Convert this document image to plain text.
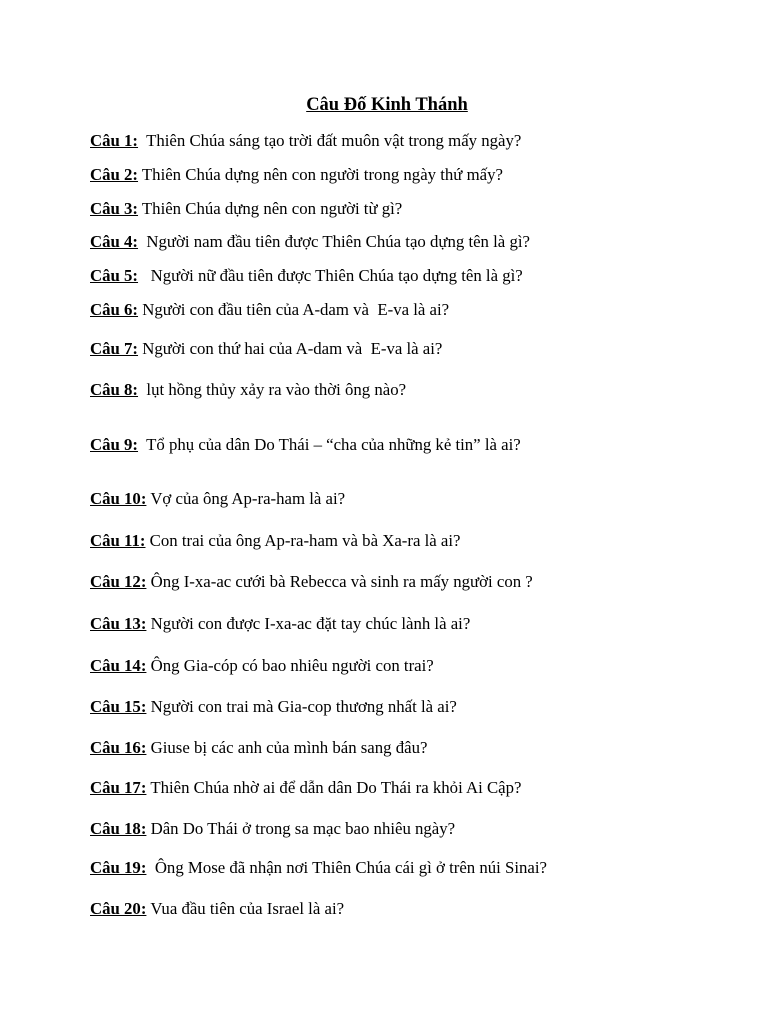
Câu Đố Kinh Thánh
Câu 1:  Thiên Chúa sáng tạo trời đất muôn vật trong mấy ngày?
Câu 2: Thiên Chúa dựng nên con người trong ngày thứ mấy?
Câu 3: Thiên Chúa dựng nên con người từ gì?
Câu 4:  Người nam đầu tiên được Thiên Chúa tạo dựng tên là gì?
Câu 5:   Người nữ đầu tiên được Thiên Chúa tạo dựng tên là gì?
Câu 6: Người con đầu tiên của A-dam và  E-va là ai?
Câu 7: Người con thứ hai của A-dam và  E-va là ai?
Câu 8:  lụt hồng thủy xảy ra vào thời ông nào?
Câu 9:  Tổ phụ của dân Do Thái – “cha của những kẻ tin” là ai?
Câu 10: Vợ của ông Ap-ra-ham là ai?
Câu 11: Con trai của ông Ap-ra-ham và bà Xa-ra là ai?
Câu 12: Ông I-xa-ac cưới bà Rebecca và sinh ra mấy người con ?
Câu 13: Người con được I-xa-ac đặt tay chúc lành là ai?
Câu 14: Ông Gia-cóp có bao nhiêu người con trai?
Câu 15: Người con trai mà Gia-cop thương nhất là ai?
Câu 16: Giuse bị các anh của mình bán sang đâu?
Câu 17: Thiên Chúa nhờ ai để dẫn dân Do Thái ra khỏi Ai Cập?
Câu 18: Dân Do Thái ở trong sa mạc bao nhiêu ngày?
Câu 19:  Ông Mose đã nhận nơi Thiên Chúa cái gì ở trên núi Sinai?
Câu 20: Vua đầu tiên của Israel là ai?
